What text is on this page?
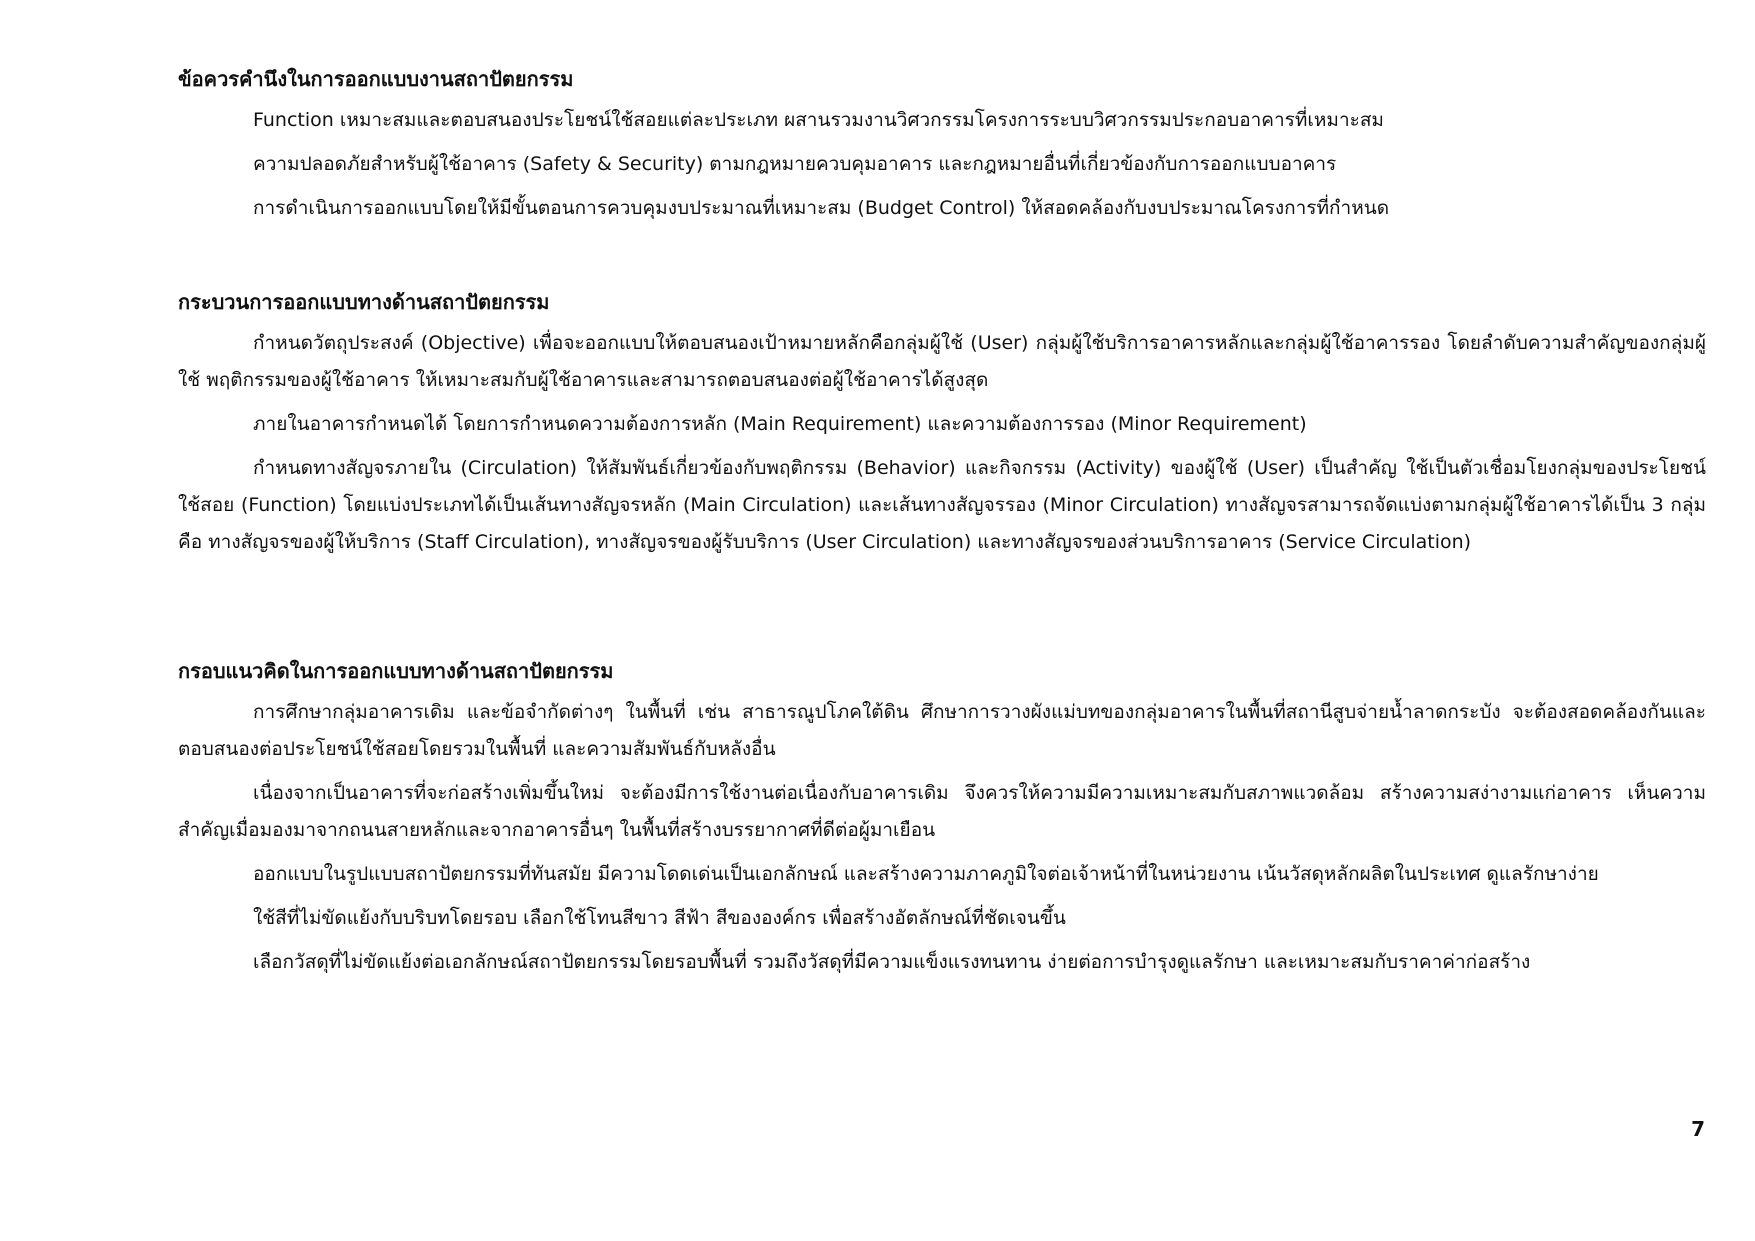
ข้อควรคำนึงในการออกแบบงานสถาปัตยกรรม

Function เหมาะสมและตอบสนองประโยชน์ใช้สอยแต่ละประเภท ผสานรวมงานวิศวกรรมโครงการระบบวิศวกรรมประกอบอาคารที่เหมาะสม

ความปลอดภัยสำหรับผู้ใช้อาคาร (Safety & Security) ตามกฎหมายควบคุมอาคาร และกฎหมายอื่นที่เกี่ยวข้องกับการออกแบบอาคาร

การดำเนินการออกแบบโดยให้มีขั้นตอนการควบคุมงบประมาณที่เหมาะสม (Budget Control) ให้สอดคล้องกับงบประมาณโครงการที่กำหนด

กระบวนการออกแบบทางด้านสถาปัตยกรรม

กำหนดวัตถุประสงค์ (Objective) เพื่อจะออกแบบให้ตอบสนองเป้าหมายหลักคือกลุ่มผู้ใช้ (User) กลุ่มผู้ใช้บริการอาคารหลักและกลุ่มผู้ใช้อาคารรอง โดยลำดับความสำคัญของกลุ่มผู้ใช้ พฤติกรรมของผู้ใช้อาคาร ให้เหมาะสมกับผู้ใช้อาคารและสามารถตอบสนองต่อผู้ใช้อาคารได้สูงสุด

ภายในอาคารกำหนดได้ โดยการกำหนดความต้องการหลัก (Main Requirement) และความต้องการรอง (Minor Requirement)

กำหนดทางสัญจรภายใน (Circulation) ให้สัมพันธ์เกี่ยวข้องกับพฤติกรรม (Behavior) และกิจกรรม (Activity) ของผู้ใช้ (User) เป็นสำคัญ ใช้เป็นตัวเชื่อมโยงกลุ่มของประโยชน์ใช้สอย (Function) โดยแบ่งประเภทได้เป็นเส้นทางสัญจรหลัก (Main Circulation) และเส้นทางสัญจรรอง (Minor Circulation) ทางสัญจรสามารถจัดแบ่งตามกลุ่มผู้ใช้อาคารได้เป็น 3 กลุ่ม คือ ทางสัญจรของผู้ให้บริการ (Staff Circulation), ทางสัญจรของผู้รับบริการ (User Circulation) และทางสัญจรของส่วนบริการอาคาร (Service Circulation)

กรอบแนวคิดในการออกแบบทางด้านสถาปัตยกรรม

การศึกษากลุ่มอาคารเดิม และข้อจำกัดต่างๆ ในพื้นที่ เช่น สาธารณูปโภคใต้ดิน ศึกษาการวางผังแม่บทของกลุ่มอาคารในพื้นที่สถานีสูบจ่ายน้ำลาดกระบัง จะต้องสอดคล้องกันและตอบสนองต่อประโยชน์ใช้สอยโดยรวมในพื้นที่ และความสัมพันธ์กับหลังอื่น

เนื่องจากเป็นอาคารที่จะก่อสร้างเพิ่มขึ้นใหม่ จะต้องมีการใช้งานต่อเนื่องกับอาคารเดิม จึงควรให้ความมีความเหมาะสมกับสภาพแวดล้อม สร้างความสง่างามแก่อาคาร เห็นความสำคัญเมื่อมองมาจากถนนสายหลักและจากอาคารอื่นๆ ในพื้นที่สร้างบรรยากาศที่ดีต่อผู้มาเยือน

ออกแบบในรูปแบบสถาปัตยกรรมที่ทันสมัย มีความโดดเด่นเป็นเอกลักษณ์ และสร้างความภาคภูมิใจต่อเจ้าหน้าที่ในหน่วยงาน เน้นวัสดุหลักผลิตในประเทศ ดูแลรักษาง่าย

ใช้สีที่ไม่ขัดแย้งกับบริบทโดยรอบ เลือกใช้โทนสีขาว สีฟ้า สีขององค์กร เพื่อสร้างอัตลักษณ์ที่ชัดเจนขึ้น

เลือกวัสดุที่ไม่ขัดแย้งต่อเอกลักษณ์สถาปัตยกรรมโดยรอบพื้นที่ รวมถึงวัสดุที่มีความแข็งแรงทนทาน ง่ายต่อการบำรุงดูแลรักษา และเหมาะสมกับราคาค่าก่อสร้าง

7
